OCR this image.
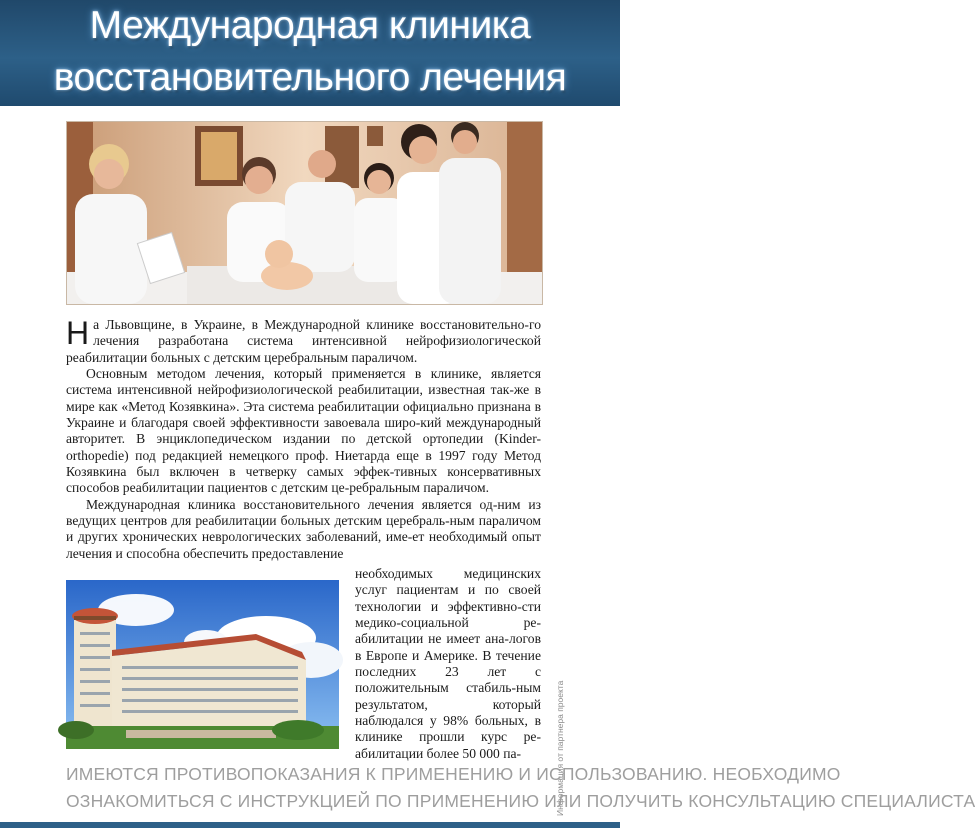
Международная клиника
восстановительного лечения

На Львовщине, в Украине, в Международной клинике восстановительно-го лечения разработана система интенсивной нейрофизиологической реабилитации больных с детским церебральным параличом.

Основным методом лечения, который применяется в клинике, является система интенсивной нейрофизиологической реабилитации, известная так-же в мире как «Метод Козявкина». Эта система реабилитации официально признана в Украине и благодаря своей эффективности завоевала широ-кий международный авторитет. В энциклопедическом издании по детской ортопедии (Kinder-orthopedie) под редакцией немецкого проф. Ниетарда еще в 1997 году Метод Козявкина был включен в четверку самых эффек-тивных консервативных способов реабилитации пациентов с детским це-ребральным параличом.

Международная клиника восстановительного лечения является од-ним из ведущих центров для реабилитации больных детским церебраль-ным параличом и других хронических неврологических заболеваний, име-ет необходимый опыт лечения и способна обеспечить предоставление

необходимых медицинских услуг пациентам и по своей технологии и эффективно-сти медико-социальной ре-абилитации не имеет ана-логов в Европе и Америке. В течение последних 23 лет с положительным стабиль-ным результатом, который наблюдался у 98% больных, в клинике прошли курс ре-абилитации более 50 000 па-	Информация от партнера проекта
ИМЕЮТСЯ ПРОТИВОПОКАЗАНИЯ К ПРИМЕНЕНИЮ И ИСПОЛЬЗОВАНИЮ. НЕОБХОДИМО
ОЗНАКОМИТЬСЯ С ИНСТРУКЦИЕЙ ПО ПРИМЕНЕНИЮ ИЛИ ПОЛУЧИТЬ КОНСУЛЬТАЦИЮ СПЕЦИАЛИСТА
